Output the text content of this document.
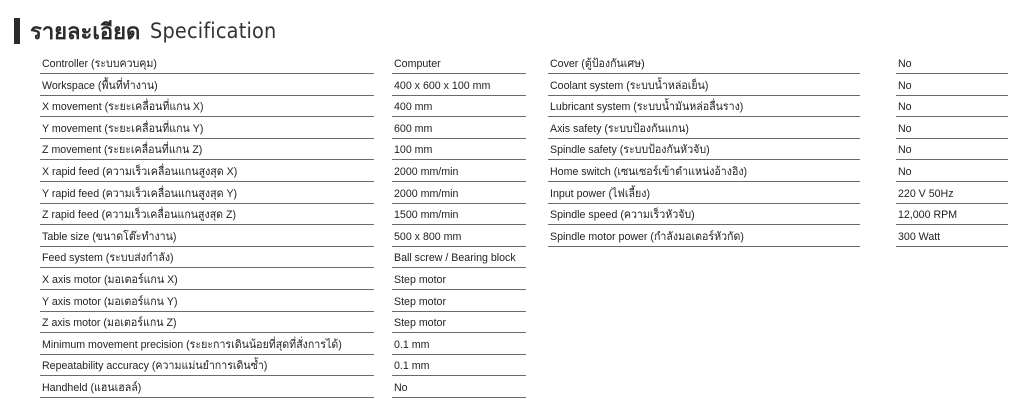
รายละเอียด Specification
Controller (ระบบควบคุม)	Computer
Workspace (พื้นที่ทำงาน)	400 x 600 x 100 mm
X movement (ระยะเคลื่อนที่แกน X)	400 mm
Y movement (ระยะเคลื่อนที่แกน Y)	600 mm
Z movement (ระยะเคลื่อนที่แกน Z)	100 mm
X rapid feed (ความเร็วเคลื่อนแกนสูงสุด X)	2000 mm/min
Y rapid feed (ความเร็วเคลื่อนแกนสูงสุด Y)	2000 mm/min
Z rapid feed (ความเร็วเคลื่อนแกนสูงสุด Z)	1500 mm/min
Table size (ขนาดโต๊ะทำงาน)	500 x 800 mm
Feed system (ระบบส่งกำลัง)	Ball screw / Bearing block
X axis motor (มอเตอร์แกน X)	Step motor
Y axis motor (มอเตอร์แกน Y)	Step motor
Z axis motor (มอเตอร์แกน Z)	Step motor
Minimum movement precision (ระยะการเดินน้อยที่สุดที่สั่งการได้)	0.1 mm
Repeatability accuracy (ความแม่นยำการเดินซ้ำ)	0.1 mm
Handheld (แฮนเฮลล์)	No
Cover (ตู้ป้องกันเศษ)	No
Coolant system (ระบบน้ำหล่อเย็น)	No
Lubricant system (ระบบน้ำมันหล่อลื่นราง)	No
Axis safety (ระบบป้องกันแกน)	No
Spindle safety (ระบบป้องกันหัวจับ)	No
Home switch (เซนเซอร์เข้าตำแหน่งอ้างอิง)	No
Input power (ไฟเลี้ยง)	220 V 50Hz
Spindle speed (ความเร็วหัวจับ)	12,000 RPM
Spindle motor power (กำลังมอเตอร์หัวกัด)	300 Watt
